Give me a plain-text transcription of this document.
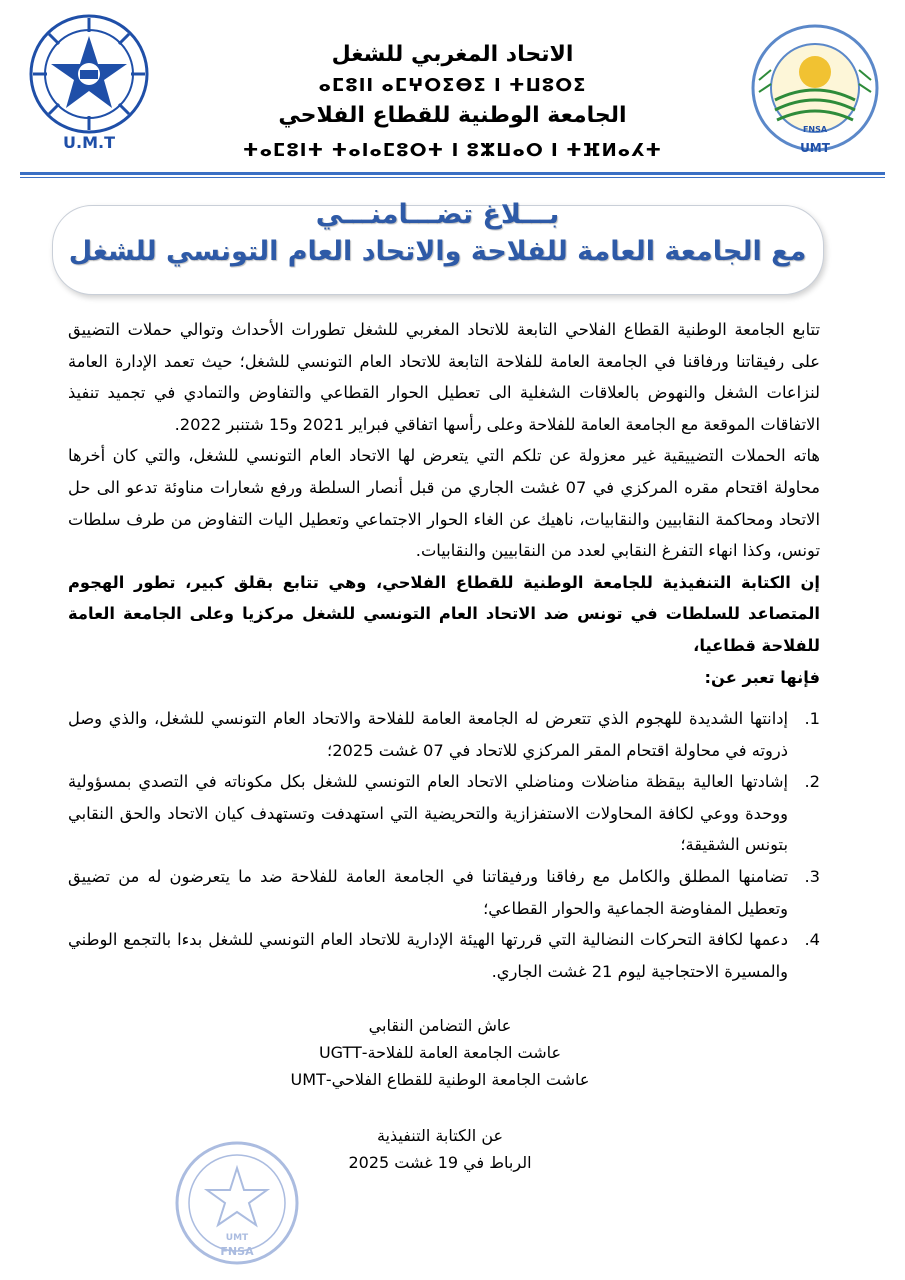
U.M.T
FNSA
UMT
الاتحاد المغربي للشغل
ⴰⵎⵓⵏⵏ ⴰⵎⵖⵔⵉⴱⵉ ⵏ ⵜⵡⵓⵔⵉ
الجامعة الوطنية للقطاع الفلاحي
ⵜⴰⵎⵓⵏⵜ ⵜⴰⵏⴰⵎⵓⵔⵜ ⵏ ⵓⵣⵡⴰⵔ ⵏ ⵜⴼⵍⴰⵃⵜ
بـــلاغ تضـــامنـــي
مع الجامعة العامة للفلاحة والاتحاد العام التونسي للشغل

تتابع الجامعة الوطنية القطاع الفلاحي التابعة للاتحاد المغربي للشغل تطورات الأحداث وتوالي حملات التضييق على رفيقاتنا ورفاقنا في الجامعة العامة للفلاحة التابعة للاتحاد العام التونسي للشغل؛ حيث تعمد الإدارة العامة لنزاعات الشغل والنهوض بالعلاقات الشغلية الى تعطيل الحوار القطاعي والتفاوض والتمادي في تجميد تنفيذ الاتفاقات الموقعة مع الجامعة العامة للفلاحة وعلى رأسها اتفاقي فبراير 2021 و15 شتنبر 2022.

هاته الحملات التضييقية غير معزولة عن تلكم التي يتعرض لها الاتحاد العام التونسي للشغل، والتي كان أخرها محاولة اقتحام مقره المركزي في 07 غشت الجاري من قبل أنصار السلطة ورفع شعارات مناوئة تدعو الى حل الاتحاد ومحاكمة النقابيين والنقابيات، ناهيك عن الغاء الحوار الاجتماعي وتعطيل اليات التفاوض من طرف سلطات تونس، وكذا انهاء التفرغ النقابي لعدد من النقابيين والنقابيات.

إن الكتابة التنفيذية للجامعة الوطنية للقطاع الفلاحي، وهي تتابع بقلق كبير، تطور الهجوم المتصاعد للسلطات في تونس ضد الاتحاد العام التونسي للشغل مركزيا وعلى الجامعة العامة للفلاحة قطاعيا،

فإنها تعبر عن:

1.
إدانتها الشديدة للهجوم الذي تتعرض له الجامعة العامة للفلاحة والاتحاد العام التونسي للشغل، والذي وصل ذروته في محاولة اقتحام المقر المركزي للاتحاد في 07 غشت 2025؛
2.
إشادتها العالية بيقظة مناضلات ومناضلي الاتحاد العام التونسي للشغل بكل مكوناته في التصدي بمسؤولية ووحدة ووعي لكافة المحاولات الاستفزازية والتحريضية التي استهدفت وتستهدف كيان الاتحاد والحق النقابي بتونس الشقيقة؛
3.
تضامنها المطلق والكامل مع رفاقنا ورفيقاتنا في الجامعة العامة للفلاحة ضد ما يتعرضون له من تضييق وتعطيل المفاوضة الجماعية والحوار القطاعي؛
4.
دعمها لكافة التحركات النضالية التي قررتها الهيئة الإدارية للاتحاد العام التونسي للشغل بدءا بالتجمع الوطني والمسيرة الاحتجاجية ليوم 21 غشت الجاري.
عاش التضامن النقابي
عاشت الجامعة العامة للفلاحة-UGTT
عاشت الجامعة الوطنية للقطاع الفلاحي-UMT
عن الكتابة التنفيذية
الرباط في 19 غشت 2025
UMT
FNSA
